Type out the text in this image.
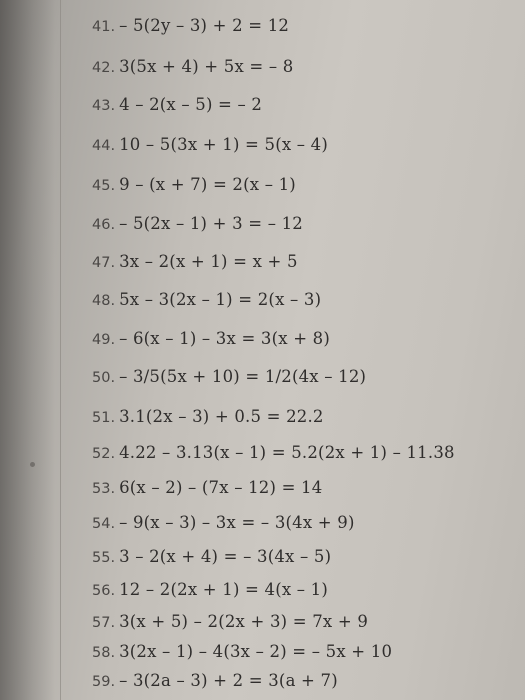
41. – 5(2y – 3) + 2 = 12
42. 3(5x + 4) + 5x = – 8
43. 4 – 2(x – 5) = – 2
44. 10 – 5(3x + 1) = 5(x – 4)
45. 9 – (x + 7) = 2(x – 1)
46. – 5(2x – 1) + 3 = – 12
47. 3x – 2(x + 1) = x + 5
48. 5x – 3(2x – 1) = 2(x – 3)
49. – 6(x – 1) – 3x = 3(x + 8)
50. – 3/5(5x + 10) = 1/2(4x – 12)
51. 3.1(2x – 3) + 0.5 = 22.2
52. 4.22 – 3.13(x – 1) = 5.2(2x + 1) – 11.38
53. 6(x – 2) – (7x – 12) = 14
54. – 9(x – 3) – 3x = – 3(4x + 9)
55. 3 – 2(x + 4) = – 3(4x – 5)
56. 12 – 2(2x + 1) = 4(x – 1)
57. 3(x + 5) – 2(2x + 3) = 7x + 9
58. 3(2x – 1) – 4(3x – 2) = – 5x + 10
59. – 3(2a – 3) + 2 = 3(a + 7)
